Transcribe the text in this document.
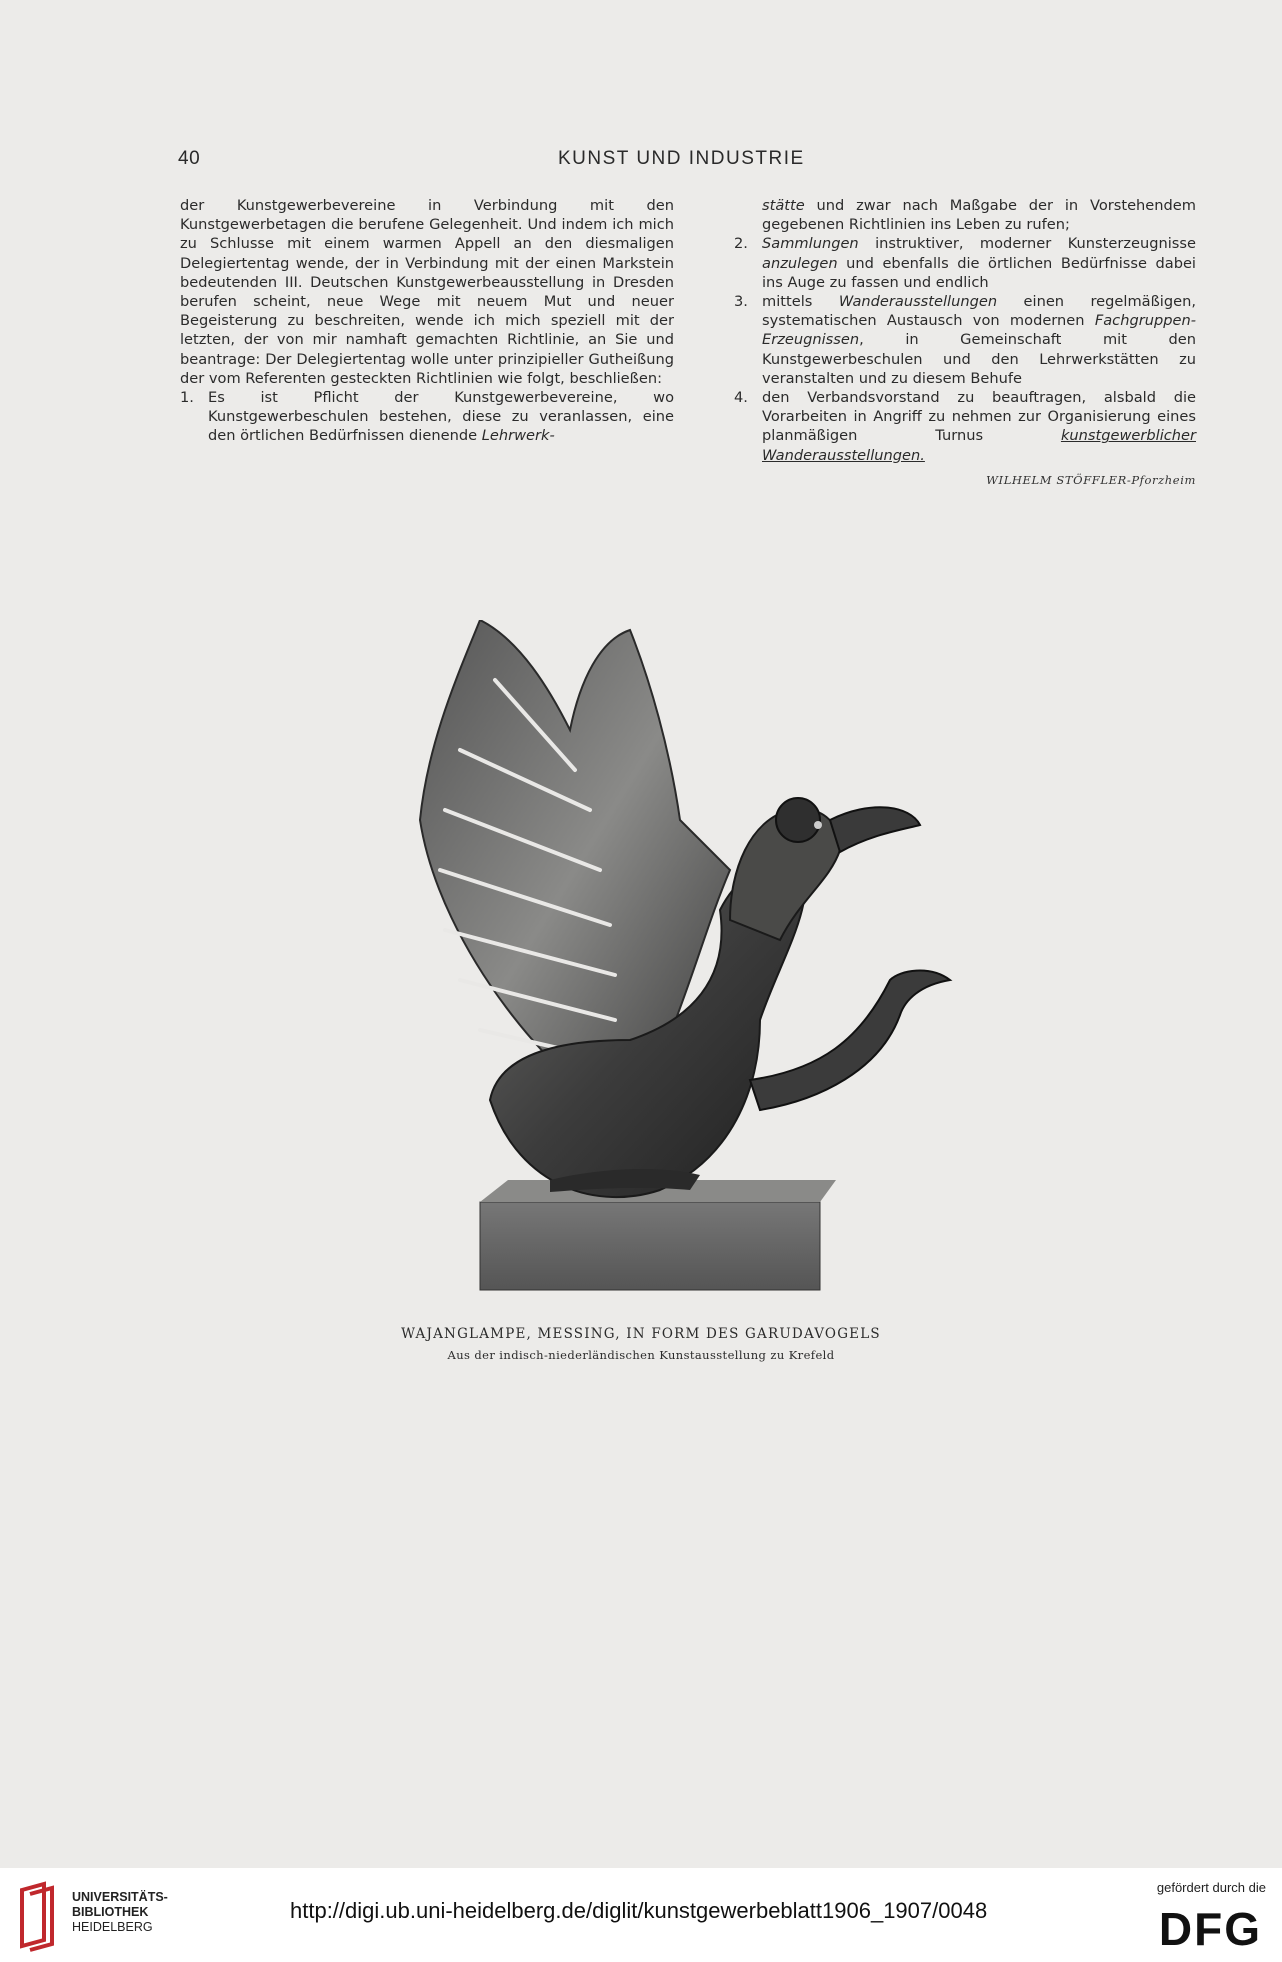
40	KUNST UND INDUSTRIE

der Kunstgewerbevereine in Verbindung mit den Kunstgewerbetagen die berufene Gelegenheit. Und indem ich mich zu Schlusse mit einem warmen Appell an den diesmaligen Delegiertentag wende, der in Verbindung mit der einen Markstein bedeutenden III. Deutschen Kunstgewerbeausstellung in Dresden berufen scheint, neue Wege mit neuem Mut und neuer Begeisterung zu beschreiten, wende ich mich speziell mit der letzten, der von mir namhaft gemachten Richtlinie, an Sie und beantrage: Der Delegiertentag wolle unter prinzipieller Gutheißung der vom Referenten gesteckten Richtlinien wie folgt, beschließen:

1. Es ist Pflicht der Kunstgewerbevereine, wo Kunstgewerbeschulen bestehen, diese zu veranlassen, eine den örtlichen Bedürfnissen dienende Lehrwerk-
stätte und zwar nach Maßgabe der in Vorstehendem gegebenen Richtlinien ins Leben zu rufen;
2. Sammlungen instruktiver, moderner Kunsterzeugnisse anzulegen und ebenfalls die örtlichen Bedürfnisse dabei ins Auge zu fassen und endlich
3. mittels Wanderausstellungen einen regelmäßigen, systematischen Austausch von modernen Fachgruppen-Erzeugnissen, in Gemeinschaft mit den Kunstgewerbeschulen und den Lehrwerkstätten zu veranstalten und zu diesem Behufe
4. den Verbandsvorstand zu beauftragen, alsbald die Vorarbeiten in Angriff zu nehmen zur Organisierung eines planmäßigen Turnus kunstgewerblicher Wanderausstellungen.
WILHELM STÖFFLER-Pforzheim
WAJANGLAMPE, MESSING, IN FORM DES GARUDAVOGELS
Aus der indisch-niederländischen Kunstausstellung zu Krefeld
UNIVERSITÄTS-
BIBLIOTHEK
HEIDELBERG
http://digi.ub.uni-heidelberg.de/diglit/kunstgewerbeblatt1906_1907/0048
gefördert durch die
DFG
